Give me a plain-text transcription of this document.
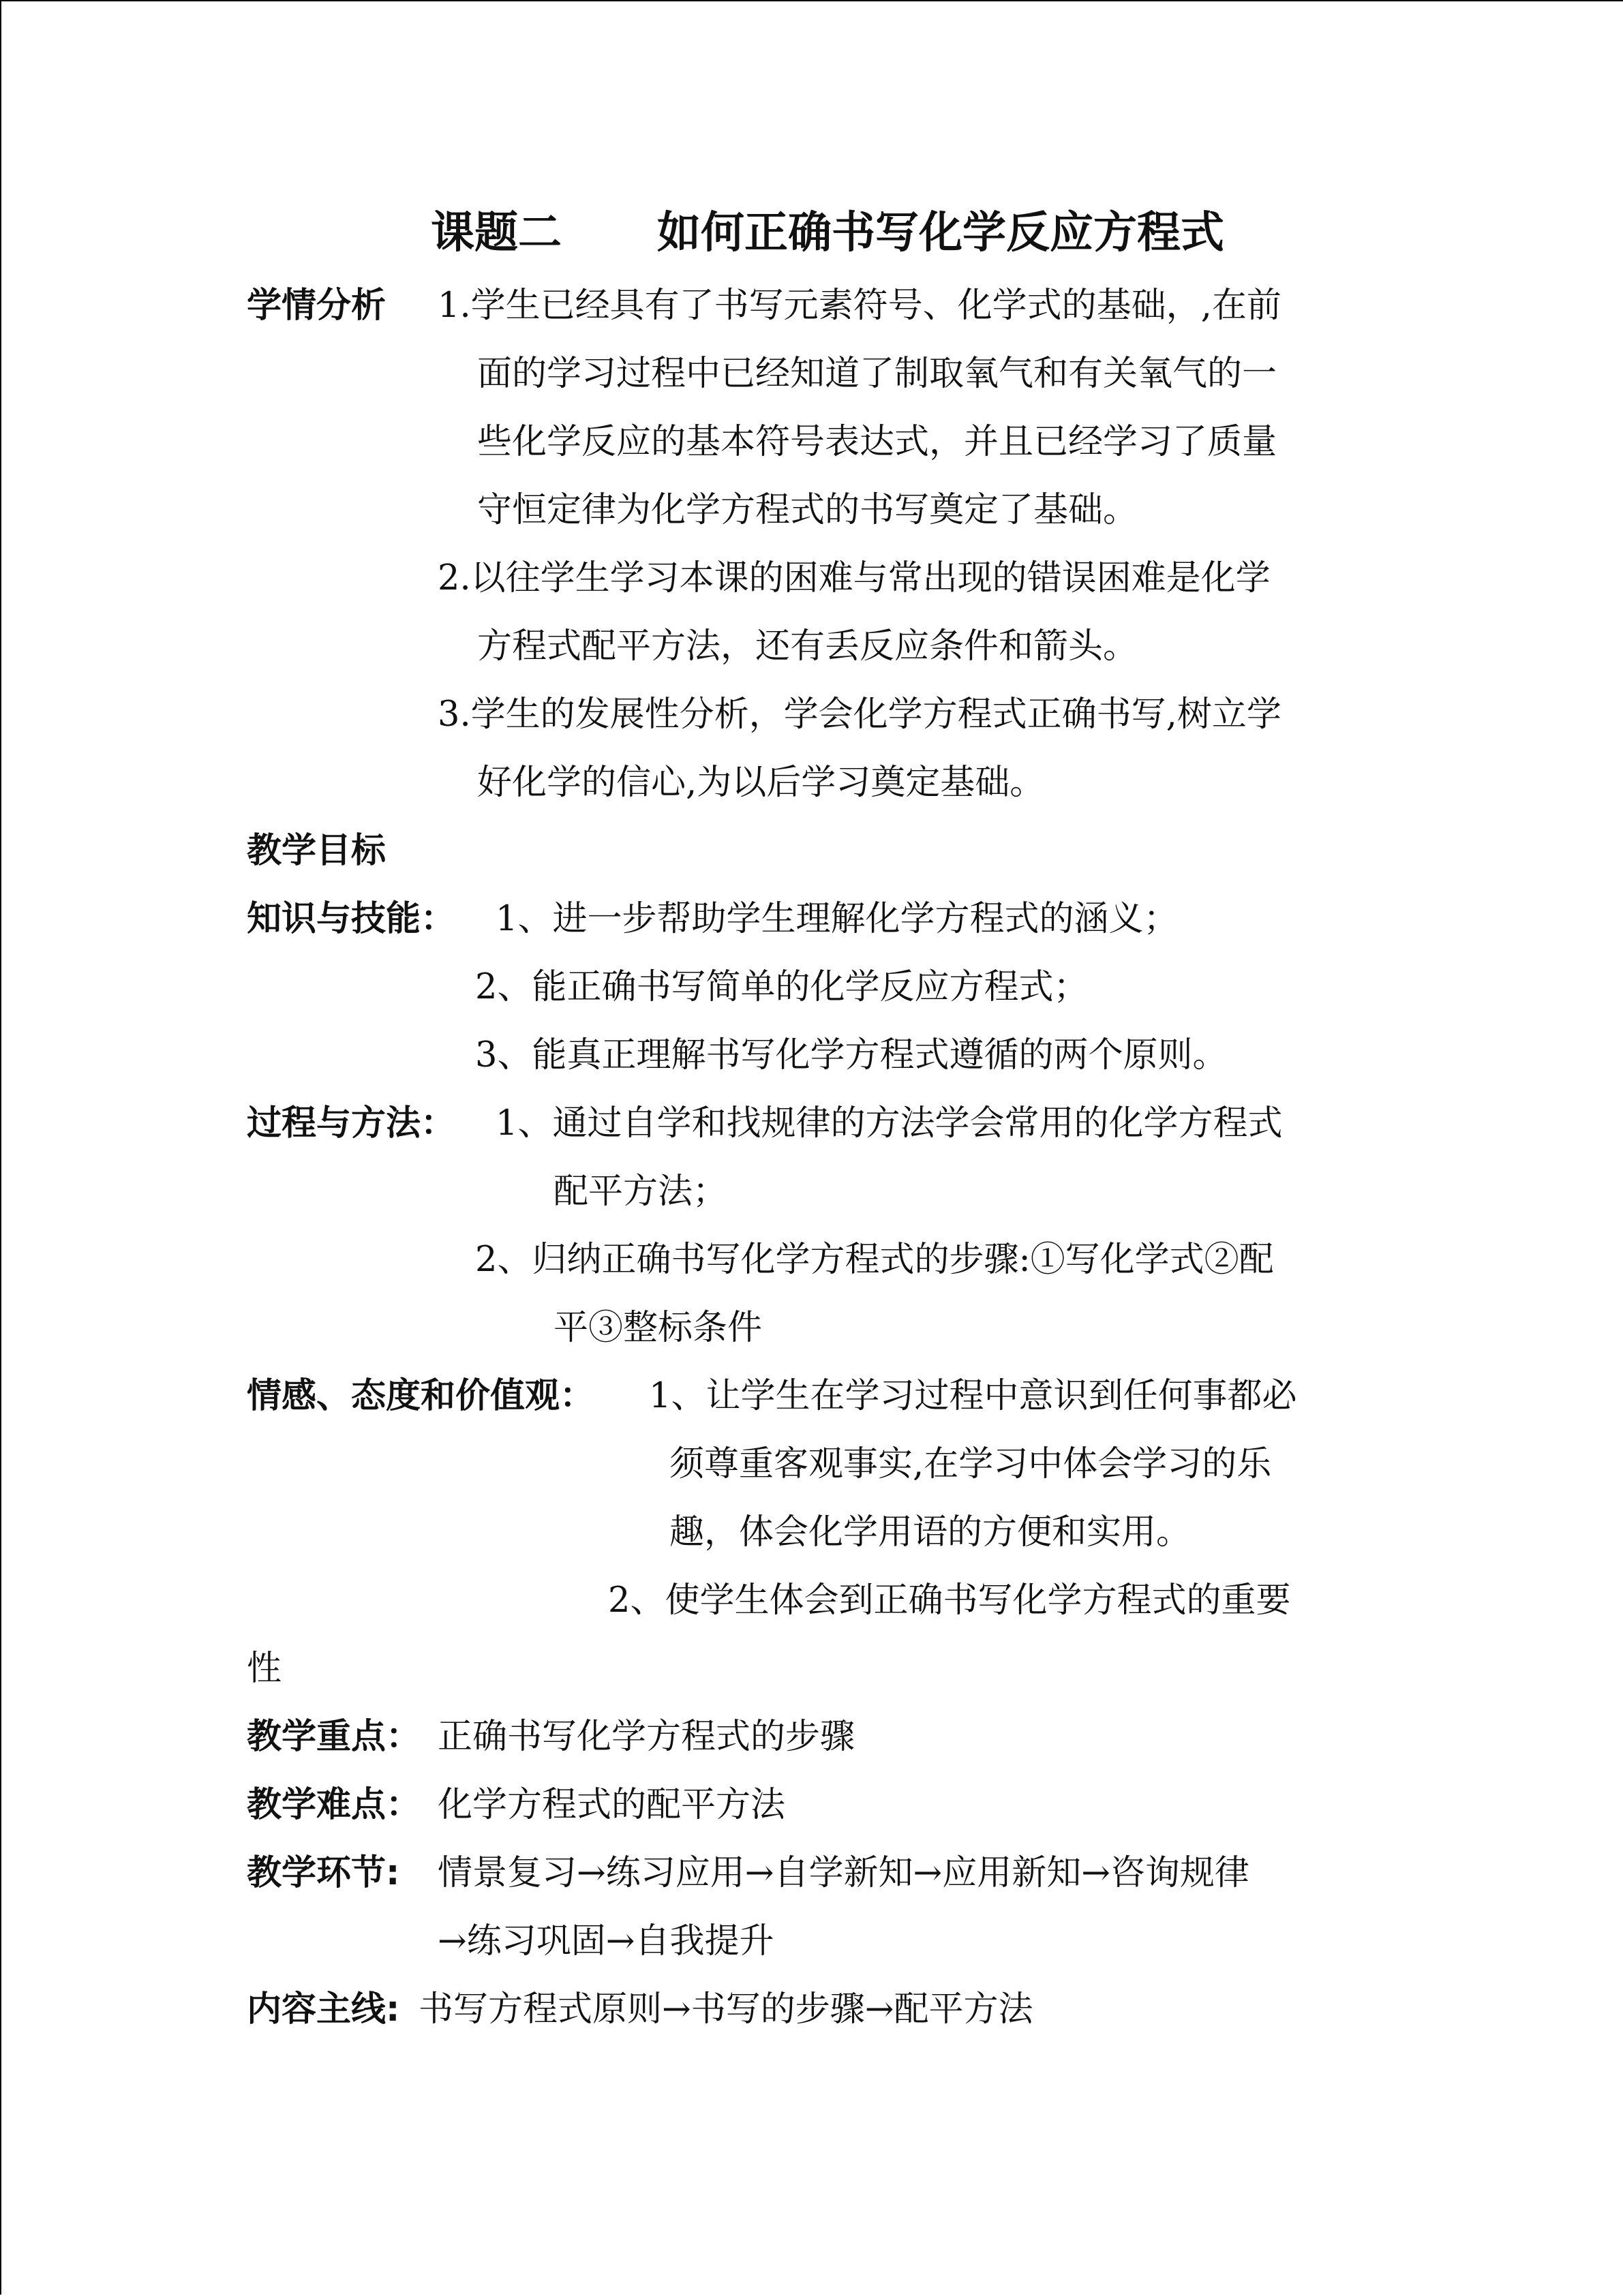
课题二 如何正确书写化学反应方程式
学情分析 1.学生已经具有了书写元素符号、化学式的基础，,在前
面的学习过程中已经知道了制取氧气和有关氧气的一
些化学反应的基本符号表达式，并且已经学习了质量
守恒定律为化学方程式的书写奠定了基础。
2.以往学生学习本课的困难与常出现的错误困难是化学
方程式配平方法，还有丢反应条件和箭头。
3.学生的发展性分析，学会化学方程式正确书写,树立学
好化学的信心,为以后学习奠定基础。
教学目标
知识与技能： 1、进一步帮助学生理解化学方程式的涵义；
2、能正确书写简单的化学反应方程式；
3、能真正理解书写化学方程式遵循的两个原则。
过程与方法： 1、通过自学和找规律的方法学会常用的化学方程式
配平方法；
2、归纳正确书写化学方程式的步骤:①写化学式②配
平③整标条件
情感、态度和价值观： 1、让学生在学习过程中意识到任何事都必
须尊重客观事实,在学习中体会学习的乐
趣，体会化学用语的方便和实用。
2、使学生体会到正确书写化学方程式的重要
性
教学重点： 正确书写化学方程式的步骤
教学难点： 化学方程式的配平方法
教学环节: 情景复习→练习应用→自学新知→应用新知→咨询规律
→练习巩固→自我提升
内容主线: 书写方程式原则→书写的步骤→配平方法
